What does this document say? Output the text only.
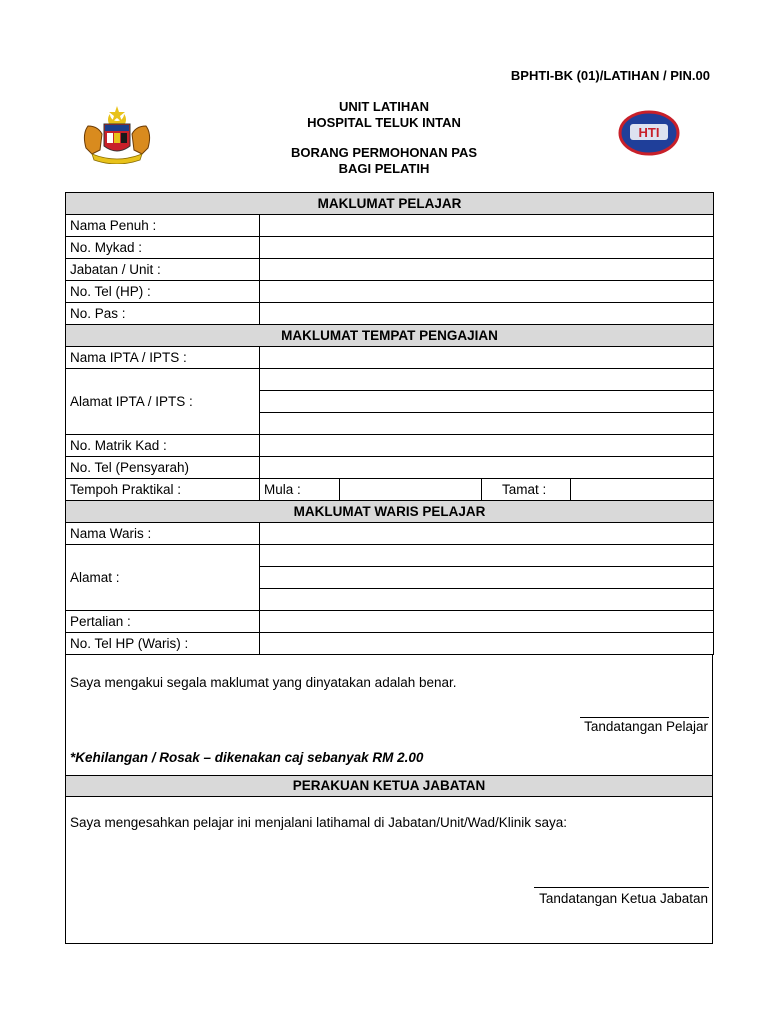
BPHTI-BK (01)/LATIHAN / PIN.00
UNIT LATIHAN
HOSPITAL TELUK INTAN
BORANG PERMOHONAN PAS
BAGI PELATIH
HTI
MAKLUMAT PELAJAR				
Nama Penuh :				
No. Mykad :				
Jabatan / Unit :				
No. Tel (HP) :				
No. Pas :				
MAKLUMAT TEMPAT PENGAJIAN				
Nama IPTA / IPTS :				
Alamat IPTA / IPTS :				

No. Matrik Kad :				
No. Tel (Pensyarah)				
Tempoh Praktikal :	Mula :		Tamat :	
MAKLUMAT WARIS PELAJAR				
Nama Waris :				
Alamat :				

Pertalian :				
No. Tel HP (Waris) :				
Saya mengakui segala maklumat yang dinyatakan adalah benar.
Tandatangan Pelajar
*Kehilangan / Rosak – dikenakan caj sebanyak RM 2.00
PERAKUAN KETUA JABATAN
Saya mengesahkan pelajar ini menjalani latihamal di Jabatan/Unit/Wad/Klinik saya:
Tandatangan Ketua Jabatan
